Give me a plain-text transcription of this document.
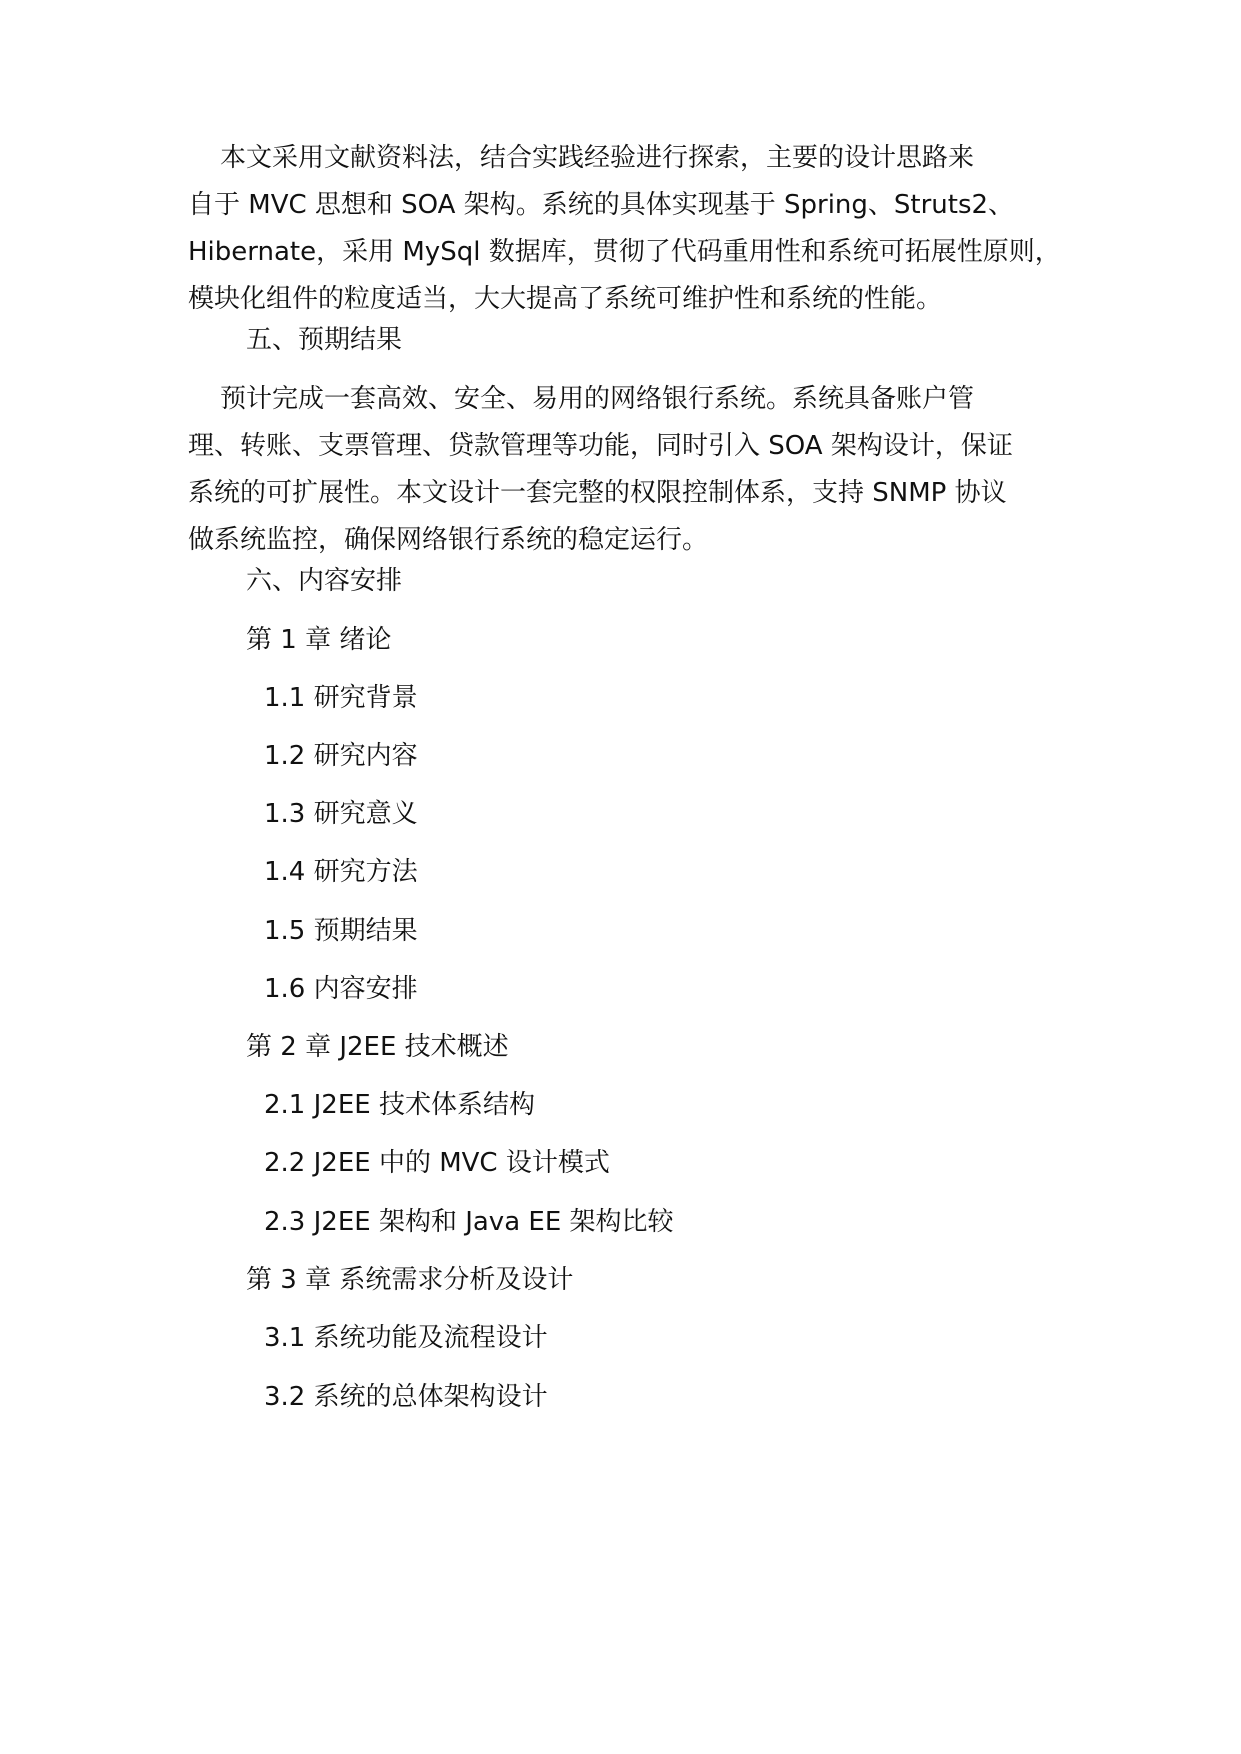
本文采用文献资料法，结合实践经验进行探索，主要的设计思路来
自于 MVC 思想和 SOA 架构。系统的具体实现基于 Spring、Struts2、
Hibernate，采用 MySql 数据库，贯彻了代码重用性和系统可拓展性原则，
模块化组件的粒度适当，大大提高了系统可维护性和系统的性能。
五、预期结果
预计完成一套高效、安全、易用的网络银行系统。系统具备账户管
理、转账、支票管理、贷款管理等功能，同时引入 SOA 架构设计，保证
系统的可扩展性。本文设计一套完整的权限控制体系，支持 SNMP 协议
做系统监控，确保网络银行系统的稳定运行。
六、内容安排
第 1 章 绪论
1.1 研究背景
1.2 研究内容
1.3 研究意义
1.4 研究方法
1.5 预期结果
1.6 内容安排
第 2 章 J2EE 技术概述
2.1 J2EE 技术体系结构
2.2 J2EE 中的 MVC 设计模式
2.3 J2EE 架构和 Java EE 架构比较
第 3 章 系统需求分析及设计
3.1 系统功能及流程设计
3.2 系统的总体架构设计
